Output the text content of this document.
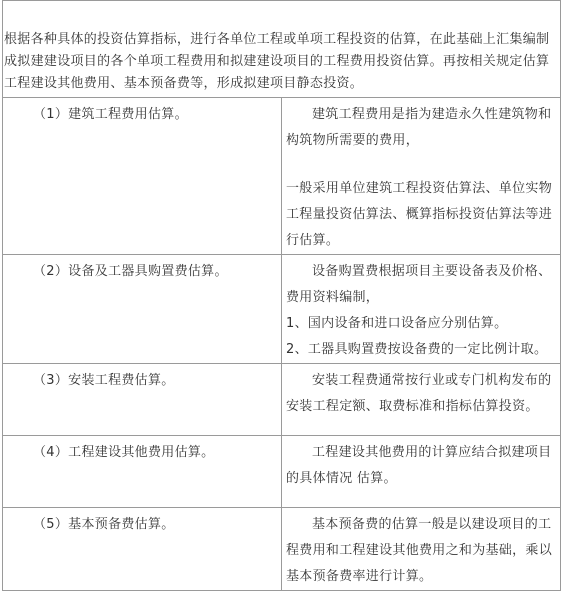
根据各种具体的投资估算指标，进行各单位工程或单项工程投资的估算，在此基础上汇集编制成拟建建设项目的各个单项工程费用和拟建建设项目的工程费用投资估算。再按相关规定估算工程建设其他费用、基本预备费等，形成拟建项目静态投资。	

（1）建筑工程费用估算。	建筑工程费用是指为建造永久性建筑物和构筑物所需要的费用，
一般采用单位建筑工程投资估算法、单位实物工程量投资估算法、概算指标投资估算法等进行估算。

（2）设备及工器具购置费估算。	设备购置费根据项目主要设备表及价格、费用资料编制，
1、国内设备和进口设备应分别估算。
2、工器具购置费按设备费的一定比例计取。

（3）安装工程费估算。	安装工程费通常按行业或专门机构发布的安装工程定额、取费标准和指标估算投资。

（4）工程建设其他费用估算。	工程建设其他费用的计算应结合拟建项目的具体情况 估算。

（5）基本预备费估算。	基本预备费的估算一般是以建设项目的工程费用和工程建设其他费用之和为基础，乘以基本预备费率进行计算。
